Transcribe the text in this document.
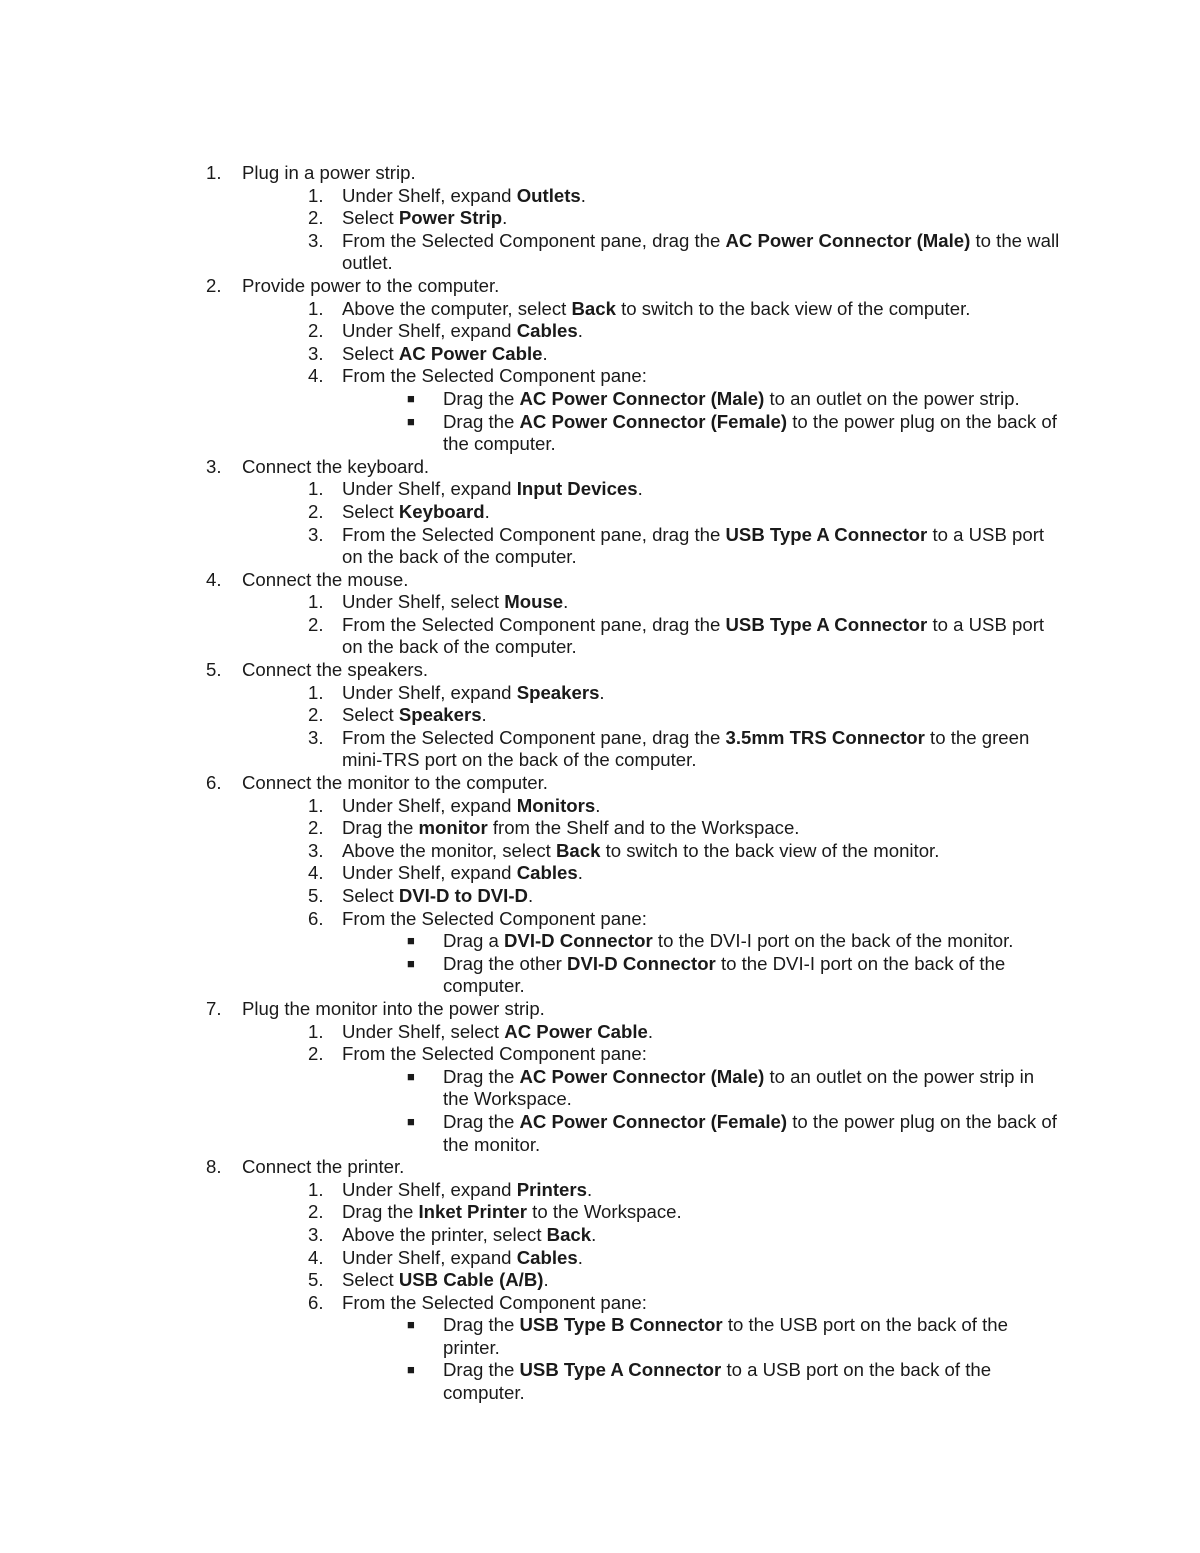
1.	Plug in a power strip.
1. Under Shelf, expand Outlets.
2. Select Power Strip.
3. From the Selected Component pane, drag the AC Power Connector (Male) to the wall outlet.
2.	Provide power to the computer.
1. Above the computer, select Back to switch to the back view of the computer.
2. Under Shelf, expand Cables.
3. Select AC Power Cable.
4. From the Selected Component pane:
■	Drag the AC Power Connector (Male) to an outlet on the power strip.
■	Drag the AC Power Connector (Female) to the power plug on the back of the computer.
3.	Connect the keyboard.
1. Under Shelf, expand Input Devices.
2. Select Keyboard.
3. From the Selected Component pane, drag the USB Type A Connector to a USB port on the back of the computer.
4.	Connect the mouse.
1. Under Shelf, select Mouse.
2. From the Selected Component pane, drag the USB Type A Connector to a USB port on the back of the computer.
5.	Connect the speakers.
1. Under Shelf, expand Speakers.
2. Select Speakers.
3. From the Selected Component pane, drag the 3.5mm TRS Connector to the green mini-TRS port on the back of the computer.
6.	Connect the monitor to the computer.
1. Under Shelf, expand Monitors.
2. Drag the monitor from the Shelf and to the Workspace.
3. Above the monitor, select Back to switch to the back view of the monitor.
4. Under Shelf, expand Cables.
5. Select DVI-D to DVI-D.
6. From the Selected Component pane:
■	Drag a DVI-D Connector to the DVI-I port on the back of the monitor.
■	Drag the other DVI-D Connector to the DVI-I port on the back of the computer.
7.	Plug the monitor into the power strip.
1. Under Shelf, select AC Power Cable.
2. From the Selected Component pane:
■	Drag the AC Power Connector (Male) to an outlet on the power strip in the Workspace.
■	Drag the AC Power Connector (Female) to the power plug on the back of the monitor.
8.	Connect the printer.
1. Under Shelf, expand Printers.
2. Drag the Inket Printer to the Workspace.
3. Above the printer, select Back.
4. Under Shelf, expand Cables.
5. Select USB Cable (A/B).
6. From the Selected Component pane:
■	Drag the USB Type B Connector to the USB port on the back of the printer.
■	Drag the USB Type A Connector to a USB port on the back of the computer.
